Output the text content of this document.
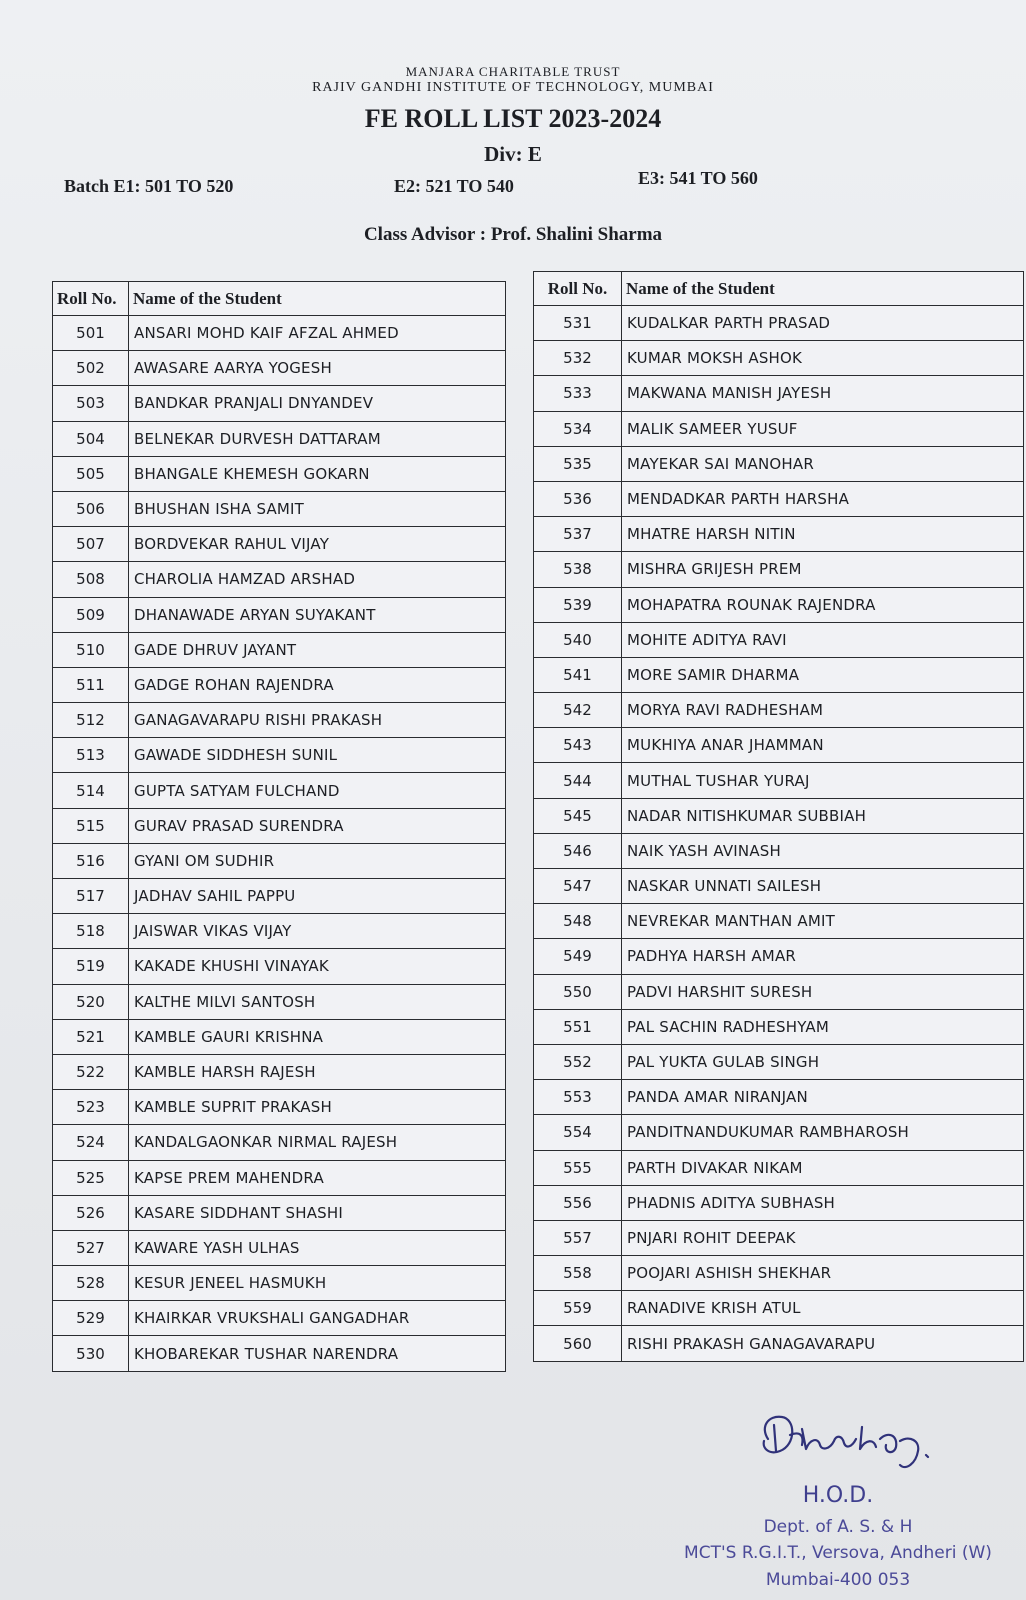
MANJARA CHARITABLE TRUST
RAJIV GANDHI INSTITUTE OF TECHNOLOGY, MUMBAI
FE ROLL LIST 2023-2024
Div: E
Batch E1: 501 TO 520	E2: 521 TO 540	E3: 541 TO 560
Class Advisor : Prof. Shalini Sharma
Roll No.	Name of the Student
501	ANSARI MOHD KAIF AFZAL AHMED
502	AWASARE AARYA YOGESH
503	BANDKAR PRANJALI DNYANDEV
504	BELNEKAR DURVESH DATTARAM
505	BHANGALE KHEMESH GOKARN
506	BHUSHAN ISHA SAMIT
507	BORDVEKAR RAHUL VIJAY
508	CHAROLIA HAMZAD ARSHAD
509	DHANAWADE ARYAN SUYAKANT
510	GADE DHRUV JAYANT
511	GADGE ROHAN RAJENDRA
512	GANAGAVARAPU RISHI PRAKASH
513	GAWADE SIDDHESH SUNIL
514	GUPTA SATYAM FULCHAND
515	GURAV PRASAD SURENDRA
516	GYANI OM SUDHIR
517	JADHAV SAHIL PAPPU
518	JAISWAR VIKAS VIJAY
519	KAKADE KHUSHI VINAYAK
520	KALTHE MILVI SANTOSH
521	KAMBLE GAURI KRISHNA
522	KAMBLE HARSH RAJESH
523	KAMBLE SUPRIT PRAKASH
524	KANDALGAONKAR NIRMAL RAJESH
525	KAPSE PREM MAHENDRA
526	KASARE SIDDHANT SHASHI
527	KAWARE YASH ULHAS
528	KESUR JENEEL HASMUKH
529	KHAIRKAR VRUKSHALI GANGADHAR
530	KHOBAREKAR TUSHAR NARENDRA
Roll No.	Name of the Student
531	KUDALKAR PARTH PRASAD
532	KUMAR MOKSH ASHOK
533	MAKWANA MANISH JAYESH
534	MALIK SAMEER YUSUF
535	MAYEKAR SAI MANOHAR
536	MENDADKAR PARTH HARSHA
537	MHATRE HARSH NITIN
538	MISHRA GRIJESH PREM
539	MOHAPATRA ROUNAK RAJENDRA
540	MOHITE ADITYA RAVI
541	MORE SAMIR DHARMA
542	MORYA RAVI RADHESHAM
543	MUKHIYA ANAR JHAMMAN
544	MUTHAL TUSHAR YURAJ
545	NADAR NITISHKUMAR SUBBIAH
546	NAIK YASH AVINASH
547	NASKAR UNNATI SAILESH
548	NEVREKAR MANTHAN AMIT
549	PADHYA HARSH AMAR
550	PADVI HARSHIT SURESH
551	PAL SACHIN RADHESHYAM
552	PAL YUKTA GULAB SINGH
553	PANDA AMAR NIRANJAN
554	PANDITNANDUKUMAR RAMBHAROSH
555	PARTH DIVAKAR NIKAM
556	PHADNIS ADITYA SUBHASH
557	PNJARI ROHIT DEEPAK
558	POOJARI ASHISH SHEKHAR
559	RANADIVE KRISH ATUL
560	RISHI PRAKASH GANAGAVARAPU
H.O.D.
Dept. of A. S. & H
MCT'S R.G.I.T., Versova, Andheri (W)
Mumbai-400 053
